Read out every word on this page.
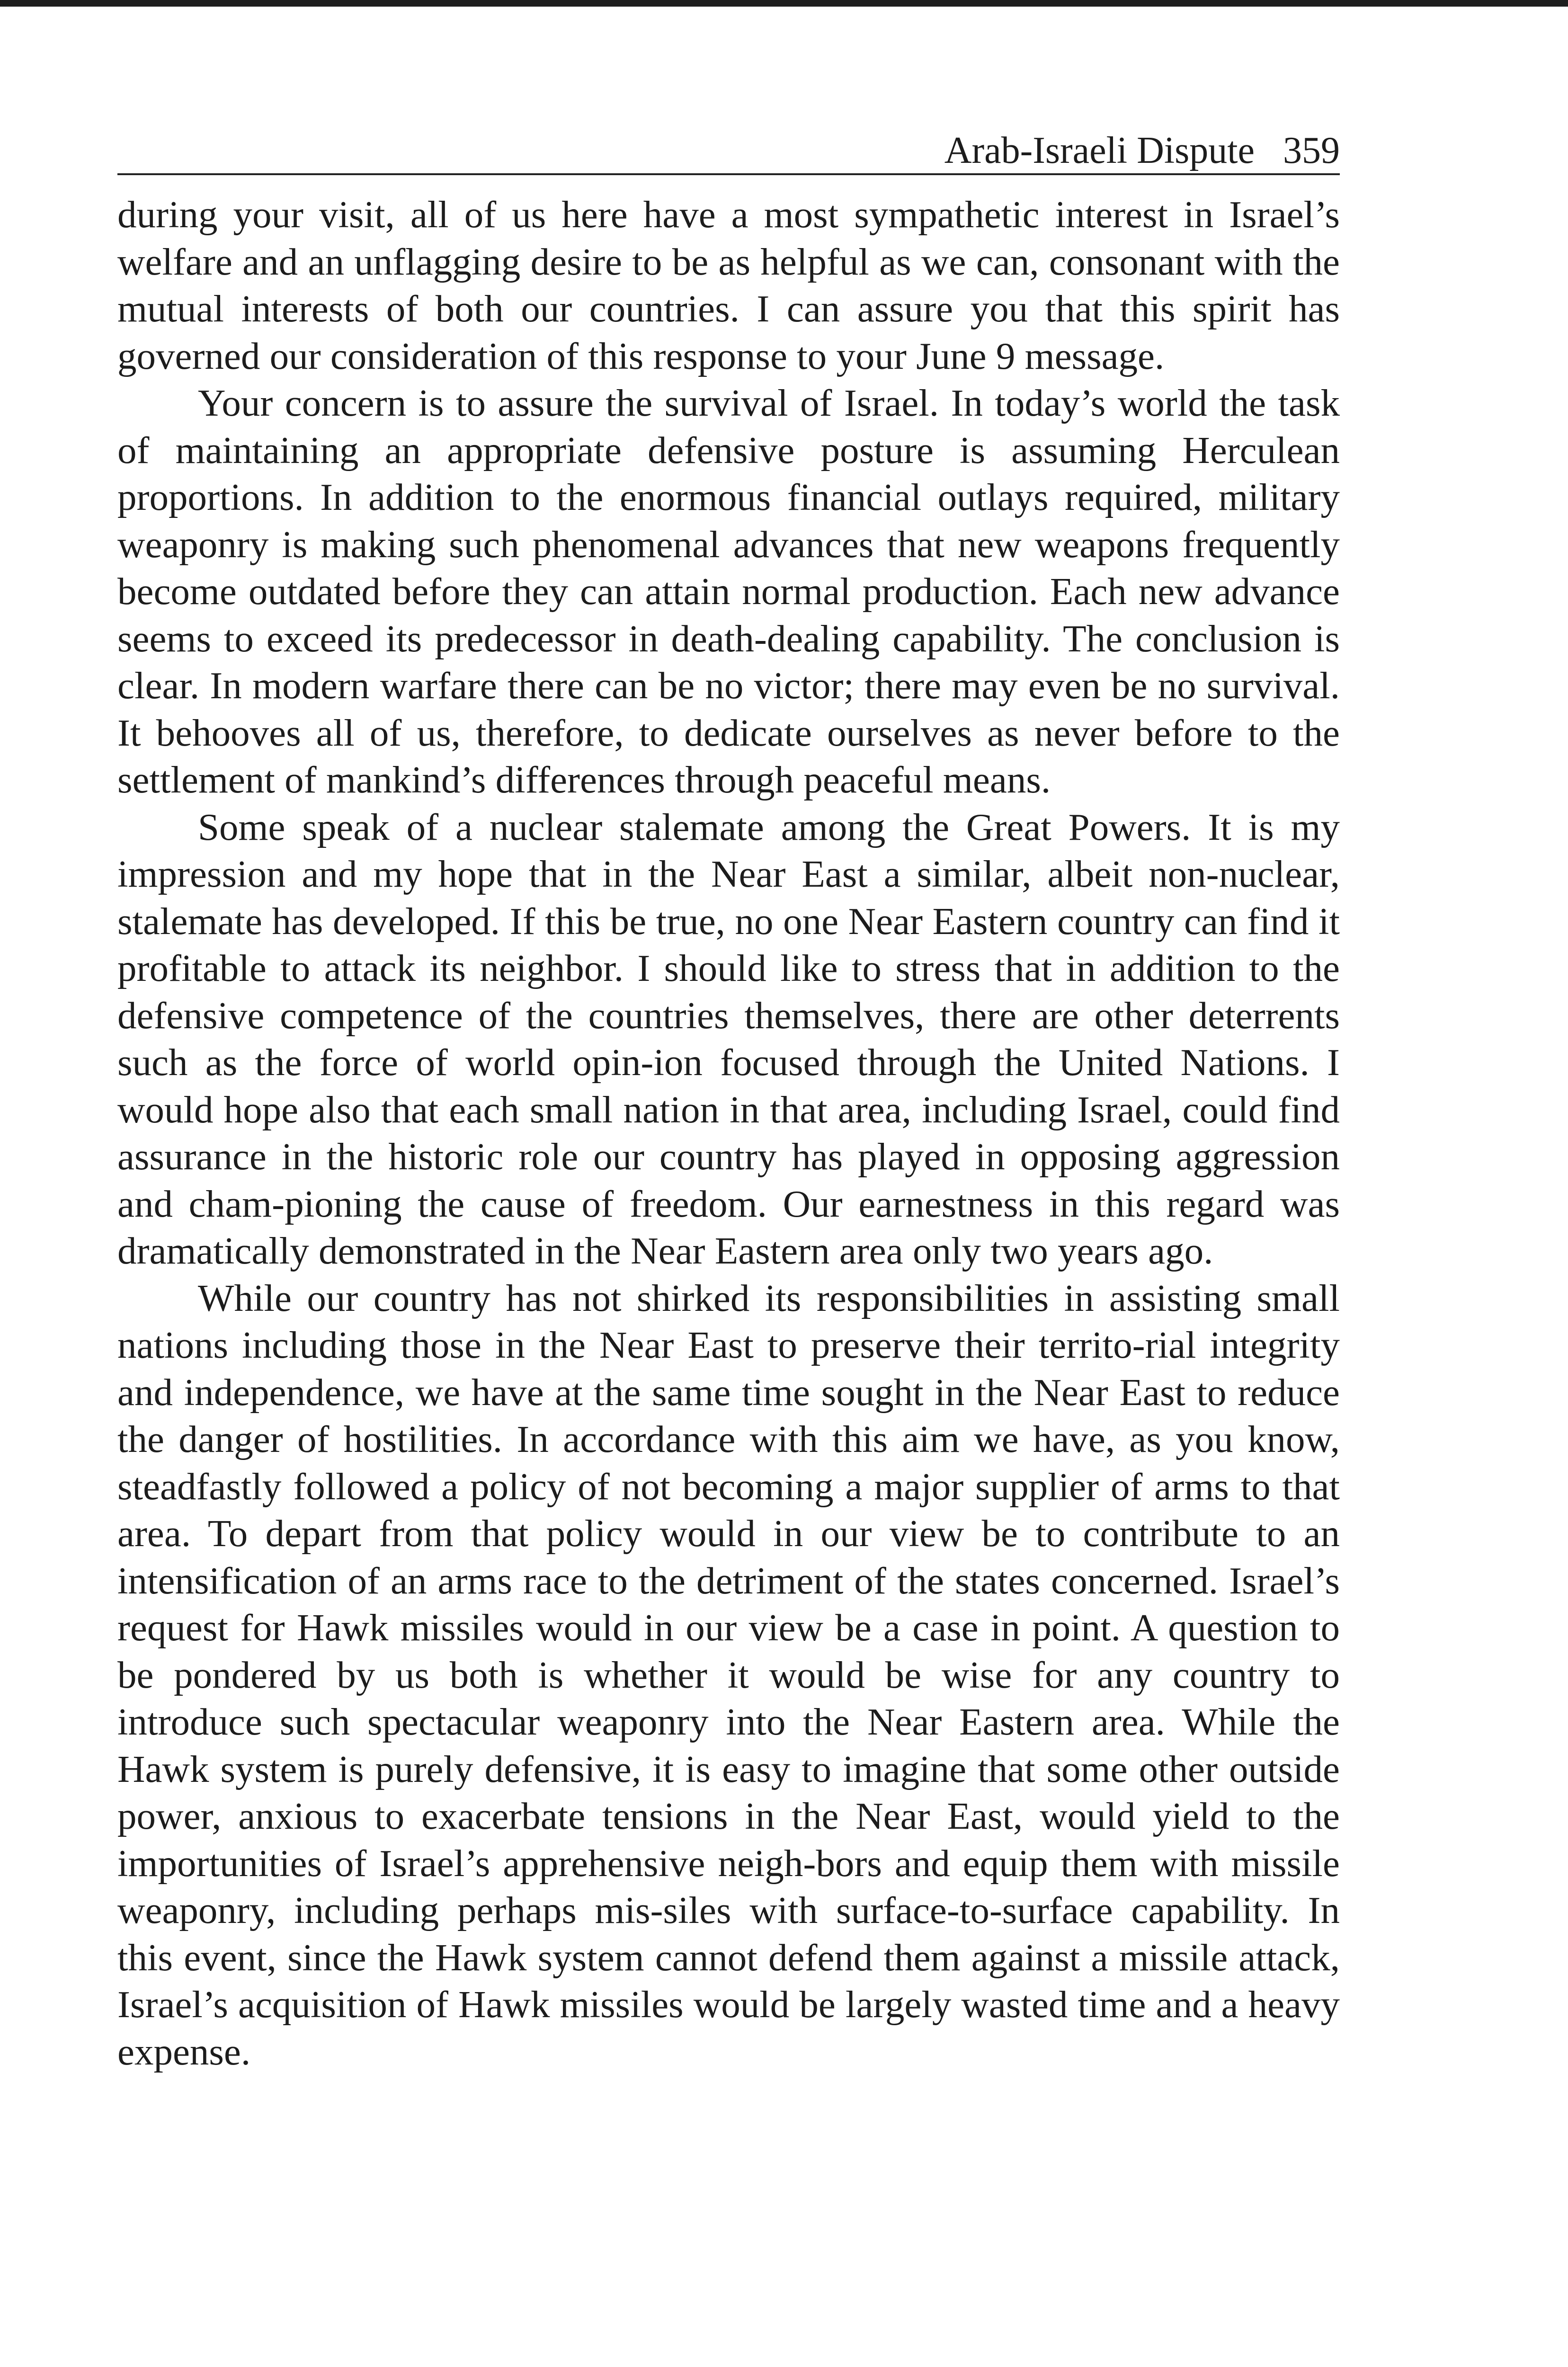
Arab-Israeli Dispute 359

during your visit, all of us here have a most sympathetic interest in Israel’s welfare and an unflagging desire to be as helpful as we can, consonant with the mutual interests of both our countries. I can assure you that this spirit has governed our consideration of this response to your June 9 message.

Your concern is to assure the survival of Israel. In today’s world the task of maintaining an appropriate defensive posture is assuming Herculean proportions. In addition to the enormous financial outlays required, military weaponry is making such phenomenal advances that new weapons frequently become outdated before they can attain normal production. Each new advance seems to exceed its predecessor in death-dealing capability. The conclusion is clear. In modern warfare there can be no victor; there may even be no survival. It behooves all of us, therefore, to dedicate ourselves as never before to the settlement of mankind’s differences through peaceful means.

Some speak of a nuclear stalemate among the Great Powers. It is my impression and my hope that in the Near East a similar, albeit non-nuclear, stalemate has developed. If this be true, no one Near Eastern country can find it profitable to attack its neighbor. I should like to stress that in addition to the defensive competence of the countries themselves, there are other deterrents such as the force of world opin-ion focused through the United Nations. I would hope also that each small nation in that area, including Israel, could find assurance in the historic role our country has played in opposing aggression and cham-pioning the cause of freedom. Our earnestness in this regard was dramatically demonstrated in the Near Eastern area only two years ago.

While our country has not shirked its responsibilities in assisting small nations including those in the Near East to preserve their territo-rial integrity and independence, we have at the same time sought in the Near East to reduce the danger of hostilities. In accordance with this aim we have, as you know, steadfastly followed a policy of not becoming a major supplier of arms to that area. To depart from that policy would in our view be to contribute to an intensification of an arms race to the detriment of the states concerned. Israel’s request for Hawk missiles would in our view be a case in point. A question to be pondered by us both is whether it would be wise for any country to introduce such spectacular weaponry into the Near Eastern area. While the Hawk system is purely defensive, it is easy to imagine that some other outside power, anxious to exacerbate tensions in the Near East, would yield to the importunities of Israel’s apprehensive neigh-bors and equip them with missile weaponry, including perhaps mis-siles with surface-to-surface capability. In this event, since the Hawk system cannot defend them against a missile attack, Israel’s acquisition of Hawk missiles would be largely wasted time and a heavy expense.
